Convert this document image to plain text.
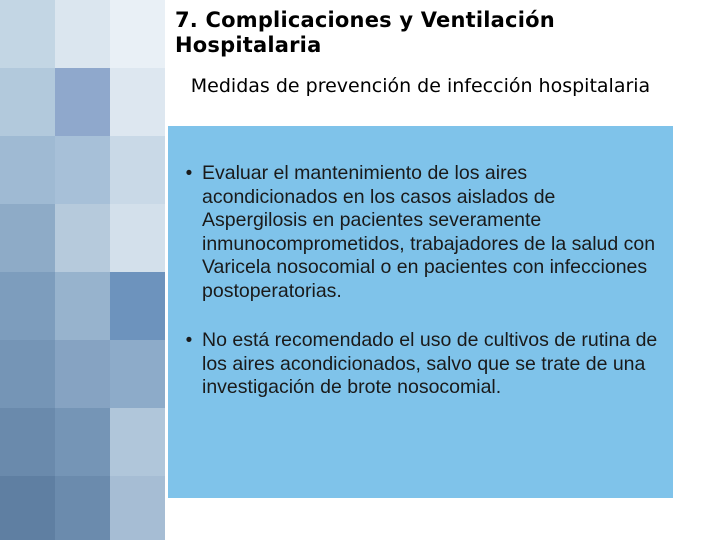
7. Complicaciones y Ventilación Hospitalaria
Medidas de prevención de infección hospitalaria
• Evaluar el mantenimiento de los aires acondicionados en los casos aislados de Aspergilosis en pacientes severamente inmunocomprometidos, trabajadores de la salud con Varicela nosocomial o en pacientes con infecciones postoperatorias.
• No está recomendado el uso de cultivos de rutina de los aires acondicionados, salvo que se trate de una investigación de brote nosocomial.
